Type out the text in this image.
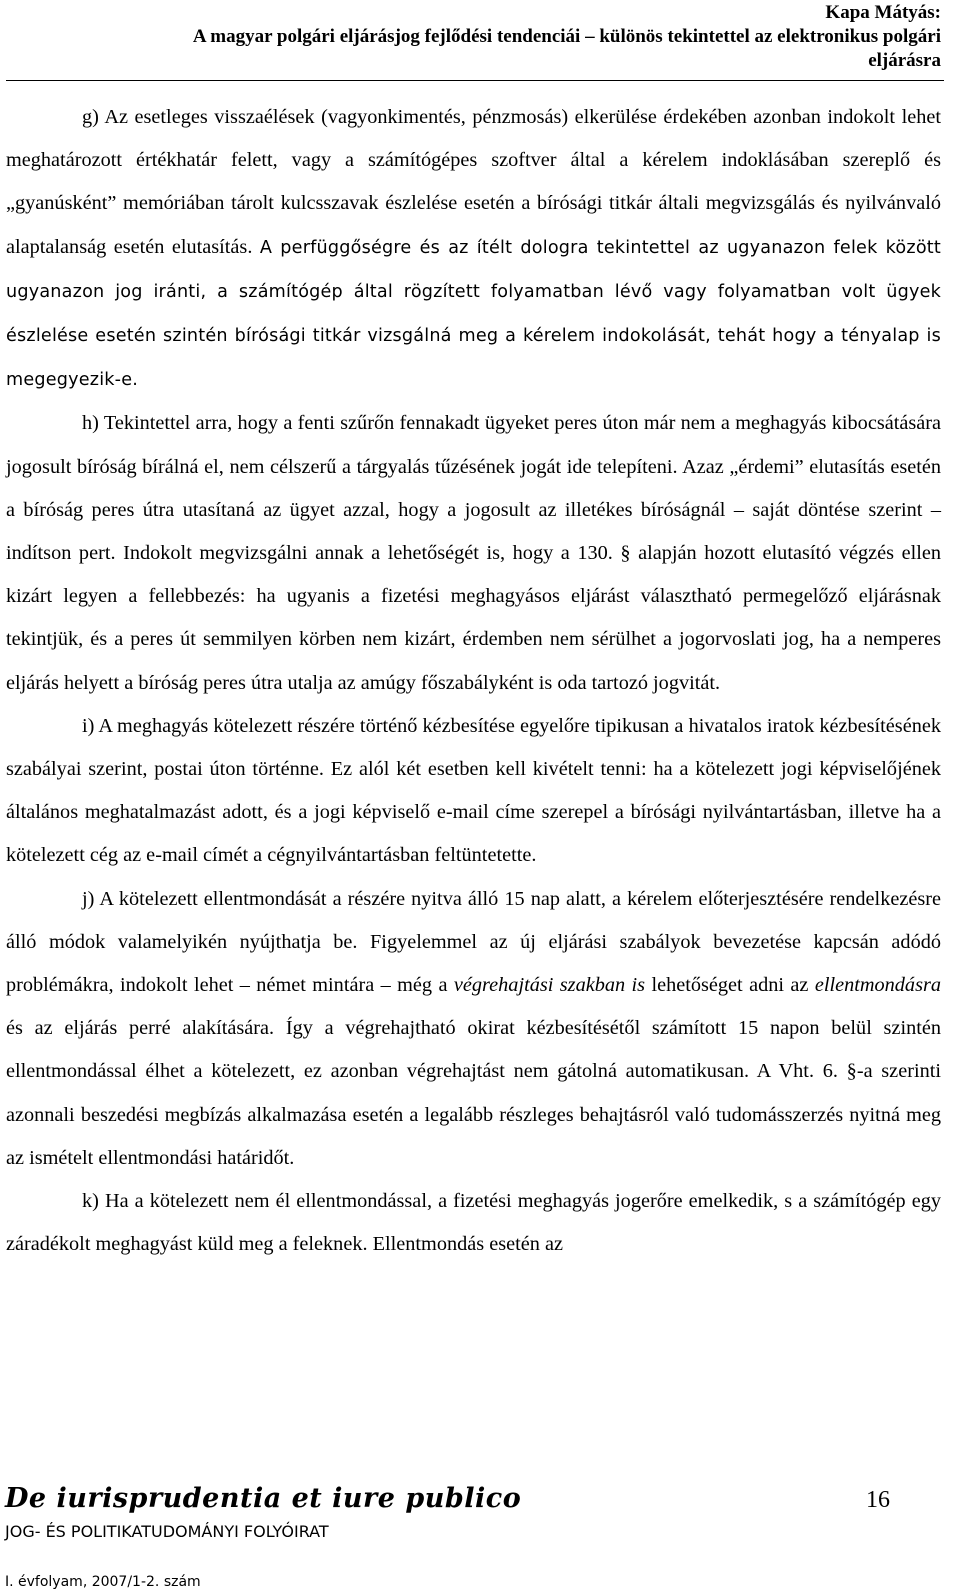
Kapa Mátyás:
A magyar polgári eljárásjog fejlődési tendenciái – különös tekintettel az elektronikus polgári
eljárásra

g) Az esetleges visszaélések (vagyonkimentés, pénzmosás) elkerülése érdekében azonban indokolt lehet meghatározott értékhatár felett, vagy a számítógépes szoftver által a kérelem indoklásában szereplő és „gyanúsként” memóriában tárolt kulcsszavak észlelése esetén a bírósági titkár általi megvizsgálás és nyilvánvaló alaptalanság esetén elutasítás. A perfüggőségre és az ítélt dologra tekintettel az ugyanazon felek között ugyanazon jog iránti, a számítógép által rögzített folyamatban lévő vagy folyamatban volt ügyek észlelése esetén szintén bírósági titkár vizsgálná meg a kérelem indokolását, tehát hogy a tényalap is megegyezik-e.

h) Tekintettel arra, hogy a fenti szűrőn fennakadt ügyeket peres úton már nem a meghagyás kibocsátására jogosult bíróság bírálná el, nem célszerű a tárgyalás tűzésének jogát ide telepíteni. Azaz „érdemi” elutasítás esetén a bíróság peres útra utasítaná az ügyet azzal, hogy a jogosult az illetékes bíróságnál – saját döntése szerint – indítson pert. Indokolt megvizsgálni annak a lehetőségét is, hogy a 130. § alapján hozott elutasító végzés ellen kizárt legyen a fellebbezés: ha ugyanis a fizetési meghagyásos eljárást választható permegelőző eljárásnak tekintjük, és a peres út semmilyen körben nem kizárt, érdemben nem sérülhet a jogorvoslati jog, ha a nemperes eljárás helyett a bíróság peres útra utalja az amúgy főszabályként is oda tartozó jogvitát.

i) A meghagyás kötelezett részére történő kézbesítése egyelőre tipikusan a hivatalos iratok kézbesítésének szabályai szerint, postai úton történne. Ez alól két esetben kell kivételt tenni: ha a kötelezett jogi képviselőjének általános meghatalmazást adott, és a jogi képviselő e-mail címe szerepel a bírósági nyilvántartásban, illetve ha a kötelezett cég az e-mail címét a cégnyilvántartásban feltüntetette.

j) A kötelezett ellentmondását a részére nyitva álló 15 nap alatt, a kérelem előterjesztésére rendelkezésre álló módok valamelyikén nyújthatja be. Figyelemmel az új eljárási szabályok bevezetése kapcsán adódó problémákra, indokolt lehet – német mintára – még a végrehajtási szakban is lehetőséget adni az ellentmondásra és az eljárás perré alakítására. Így a végrehajtható okirat kézbesítésétől számított 15 napon belül szintén ellentmondással élhet a kötelezett, ez azonban végrehajtást nem gátolná automatikusan. A Vht. 6. §-a szerinti azonnali beszedési megbízás alkalmazása esetén a legalább részleges behajtásról való tudomásszerzés nyitná meg az ismételt ellentmondási határidőt.

k) Ha a kötelezett nem él ellentmondással, a fizetési meghagyás jogerőre emelkedik, s a számítógép egy záradékolt meghagyást küld meg a feleknek. Ellentmondás esetén az

De iurisprudentia et iure publico	16
JOG- ÉS POLITIKATUDOMÁNYI FOLYÓIRAT
I. évfolyam, 2007/1-2. szám
